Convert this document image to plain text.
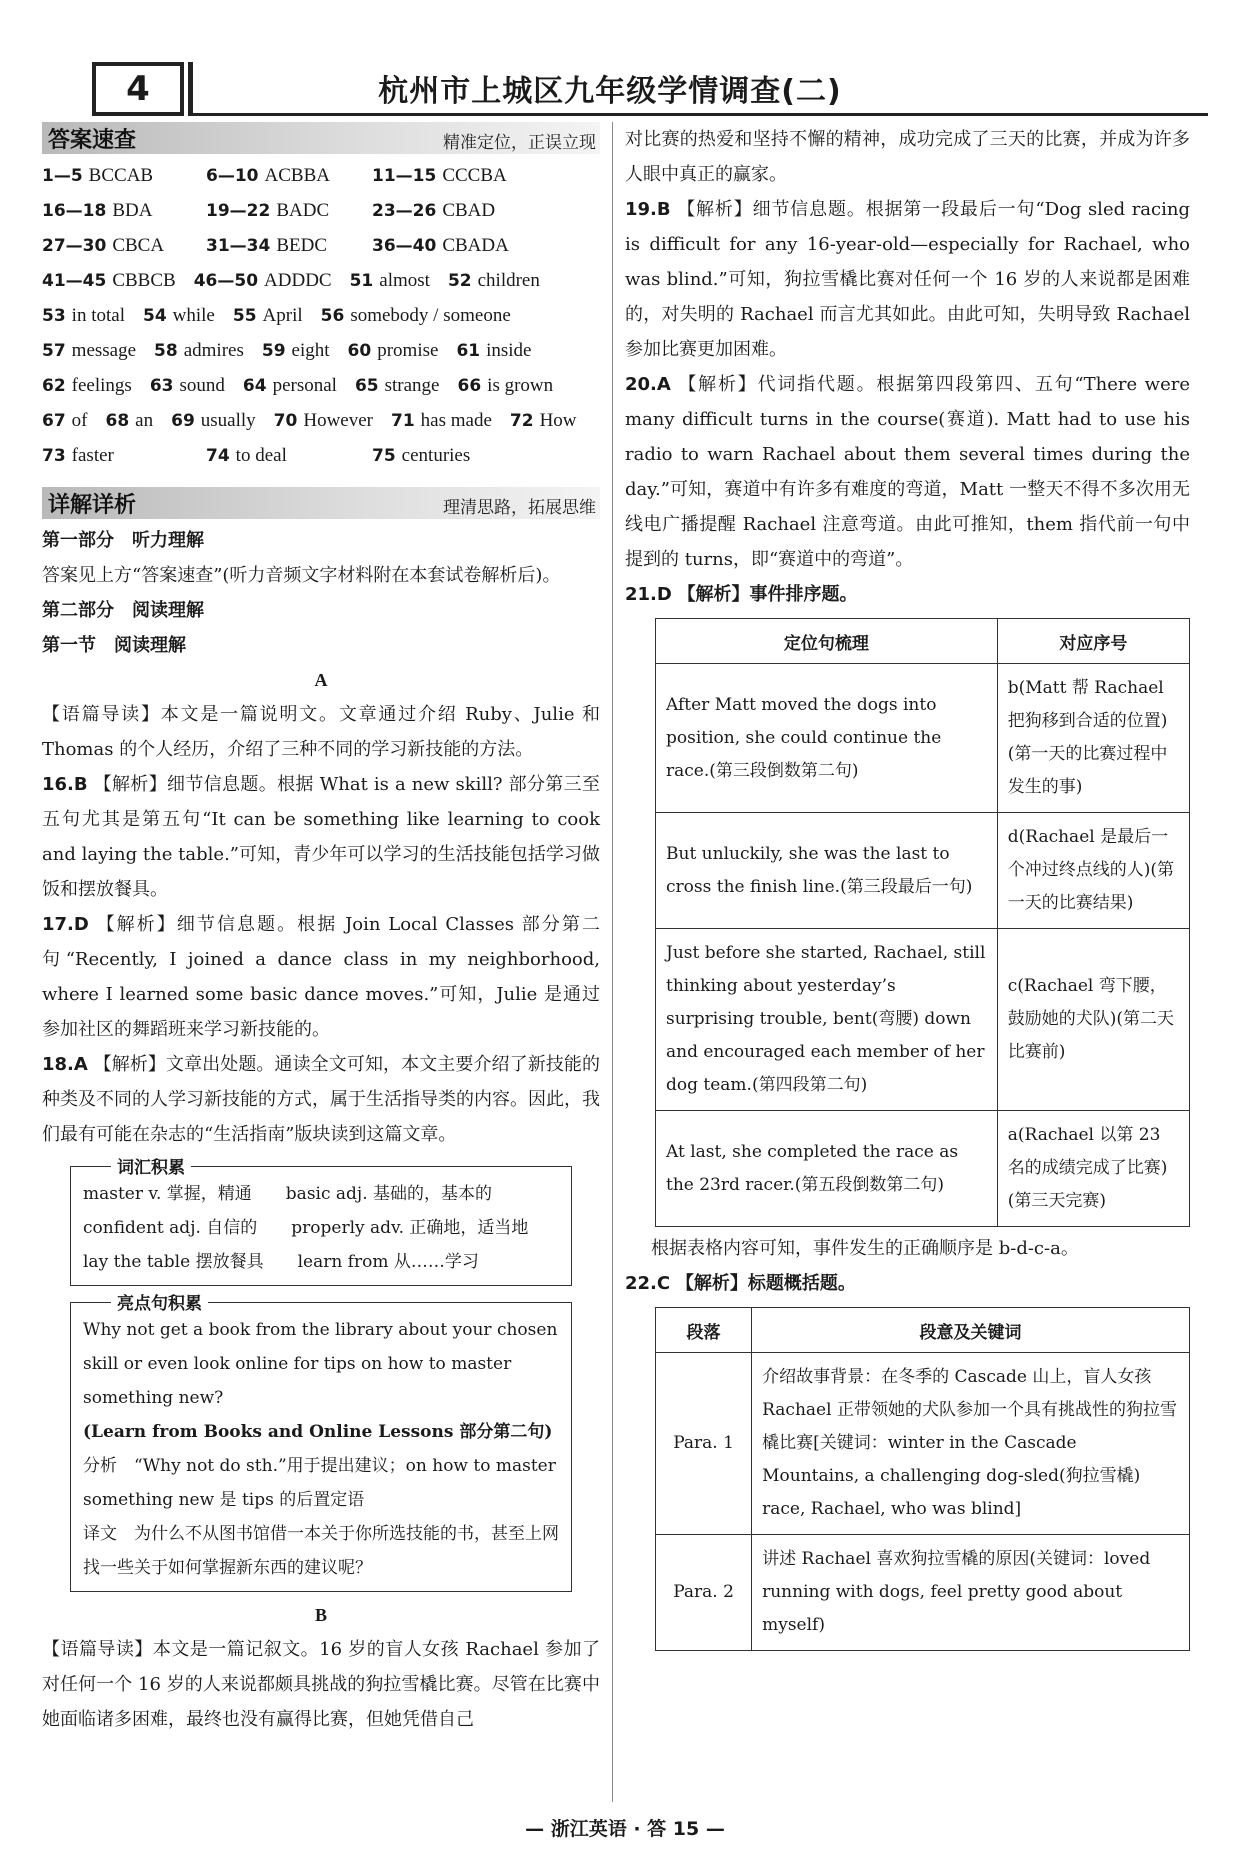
4	杭州市上城区九年级学情调查(二)
答案速查	精准定位，正误立现
1—5 BCCAB	6—10 ACBBA 11—15 CCCBA
16—18 BDA	19—22 BADC	23—26 CBAD
27—30 CBCA 31—34 BEDC	36—40 CBADA
41—45 CBBCB 46—50 ADDDC 51 almost 52 children
53 in total 54 while 55 April 56 somebody / someone
57 message 58 admires 59 eight 60 promise 61 inside
62 feelings 63 sound 64 personal 65 strange 66 is grown
67 of 68 an 69 usually 70 However 71 has made 72 How
73 faster	74 to deal	75 centuries
详解详析	理清思路，拓展思维

第一部分　听力理解

答案见上方“答案速查”(听力音频文字材料附在本套试卷解析后)。

第二部分　阅读理解

第一节　阅读理解

A

【语篇导读】本文是一篇说明文。文章通过介绍 Ruby、Julie 和 Thomas 的个人经历，介绍了三种不同的学习新技能的方法。

16.B 【解析】细节信息题。根据 What is a new skill? 部分第三至五句尤其是第五句“It can be something like learning to cook and laying the table.”可知，青少年可以学习的生活技能包括学习做饭和摆放餐具。

17.D 【解析】细节信息题。根据 Join Local Classes 部分第二句“Recently, I joined a dance class in my neighborhood, where I learned some basic dance moves.”可知，Julie 是通过参加社区的舞蹈班来学习新技能的。

18.A 【解析】文章出处题。通读全文可知，本文主要介绍了新技能的种类及不同的人学习新技能的方式，属于生活指导类的内容。因此，我们最有可能在杂志的“生活指南”版块读到这篇文章。

词汇积累

master v. 掌握，精通　　basic adj. 基础的，基本的

confident adj. 自信的　　properly adv. 正确地，适当地

lay the table 摆放餐具　　learn from 从……学习

亮点句积累

Why not get a book from the library about your chosen skill or even look online for tips on how to master something new?

(Learn from Books and Online Lessons 部分第二句)

分析　“Why not do sth.”用于提出建议；on how to master something new 是 tips 的后置定语

译文　为什么不从图书馆借一本关于你所选技能的书，甚至上网找一些关于如何掌握新东西的建议呢？

B

【语篇导读】本文是一篇记叙文。16 岁的盲人女孩 Rachael 参加了对任何一个 16 岁的人来说都颇具挑战的狗拉雪橇比赛。尽管在比赛中她面临诸多困难，最终也没有赢得比赛，但她凭借自己

对比赛的热爱和坚持不懈的精神，成功完成了三天的比赛，并成为许多人眼中真正的赢家。

19.B 【解析】细节信息题。根据第一段最后一句“Dog sled racing is difficult for any 16-year-old—especially for Rachael, who was blind.”可知，狗拉雪橇比赛对任何一个 16 岁的人来说都是困难的，对失明的 Rachael 而言尤其如此。由此可知，失明导致 Rachael 参加比赛更加困难。

20.A 【解析】代词指代题。根据第四段第四、五句“There were many difficult turns in the course(赛道). Matt had to use his radio to warn Rachael about them several times during the day.”可知，赛道中有许多有难度的弯道，Matt 一整天不得不多次用无线电广播提醒 Rachael 注意弯道。由此可推知，them 指代前一句中提到的 turns，即“赛道中的弯道”。

21.D 【解析】事件排序题。

定位句梳理	对应序号
After Matt moved the dogs into position, she could continue the race.(第三段倒数第二句)	b(Matt 帮 Rachael 把狗移到合适的位置)(第一天的比赛过程中发生的事)
But unluckily, she was the last to cross the finish line.(第三段最后一句)	d(Rachael 是最后一个冲过终点线的人)(第一天的比赛结果)
Just before she started, Rachael, still thinking about yesterday’s surprising trouble, bent(弯腰) down and encouraged each member of her dog team.(第四段第二句)	c(Rachael 弯下腰，鼓励她的犬队)(第二天比赛前)
At last, she completed the race as the 23rd racer.(第五段倒数第二句)	a(Rachael 以第 23 名的成绩完成了比赛)(第三天完赛)

根据表格内容可知，事件发生的正确顺序是 b-d-c-a。

22.C 【解析】标题概括题。

段落	段意及关键词
Para. 1	介绍故事背景：在冬季的 Cascade 山上，盲人女孩 Rachael 正带领她的犬队参加一个具有挑战性的狗拉雪橇比赛[关键词：winter in the Cascade Mountains, a challenging dog-sled(狗拉雪橇) race, Rachael, who was blind]
Para. 2	讲述 Rachael 喜欢狗拉雪橇的原因(关键词：loved running with dogs, feel pretty good about myself)
— 浙江英语 · 答 15 —
